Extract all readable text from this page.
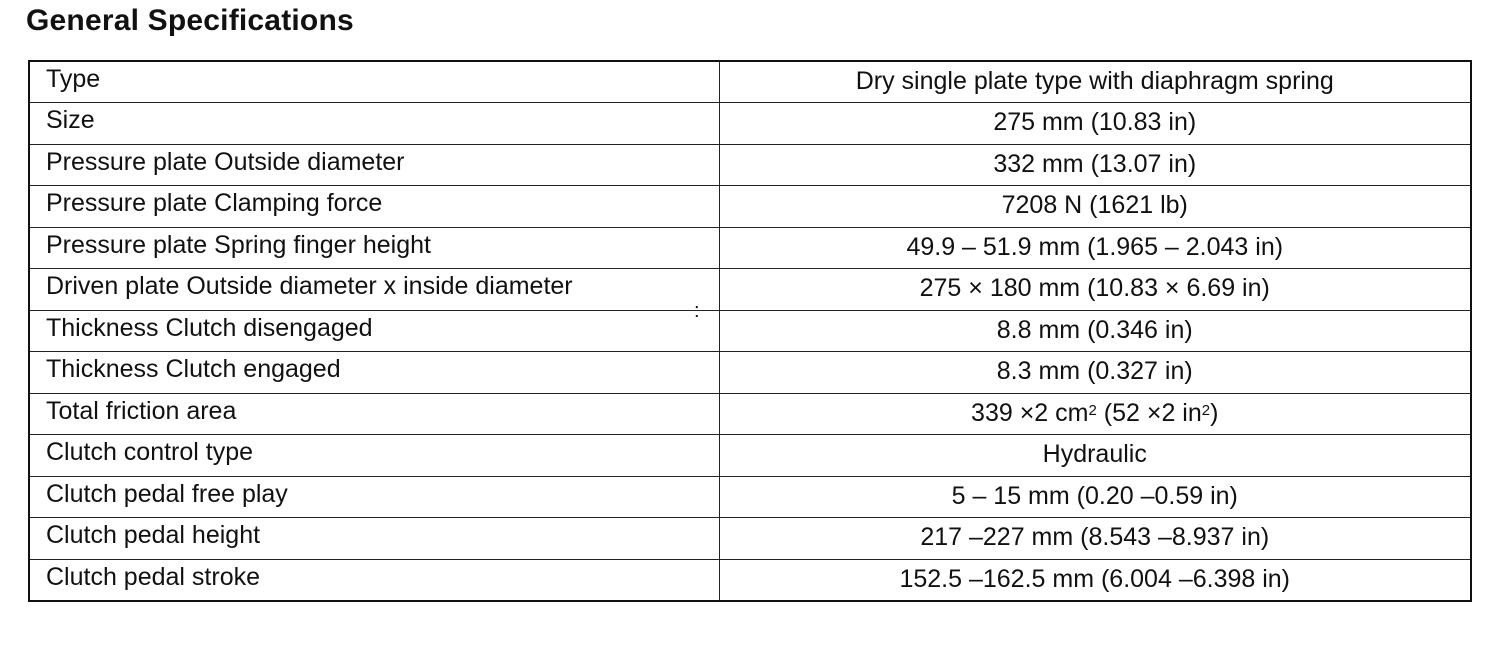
General Specifications
Type	Dry single plate type with diaphragm spring
Size	275 mm (10.83 in)
Pressure plate Outside diameter	332 mm (13.07 in)
Pressure plate Clamping force	7208 N (1621 lb)
Pressure plate Spring finger height	49.9 – 51.9 mm (1.965 – 2.043 in)
Driven plate Outside diameter x inside diameter	275 × 180 mm (10.83 × 6.69 in)
Thickness Clutch disengaged	8.8 mm (0.346 in)
Thickness Clutch engaged	8.3 mm (0.327 in)
Total friction area	339 ×2 $cm^2$ (52 ×2 $in^2$)
Clutch control type	Hydraulic
Clutch pedal free play	5 – 15 mm (0.20 –0.59 in)
Clutch pedal height	217 –227 mm (8.543 –8.937 in)
Clutch pedal stroke	152.5 –162.5 mm (6.004 –6.398 in)
:
